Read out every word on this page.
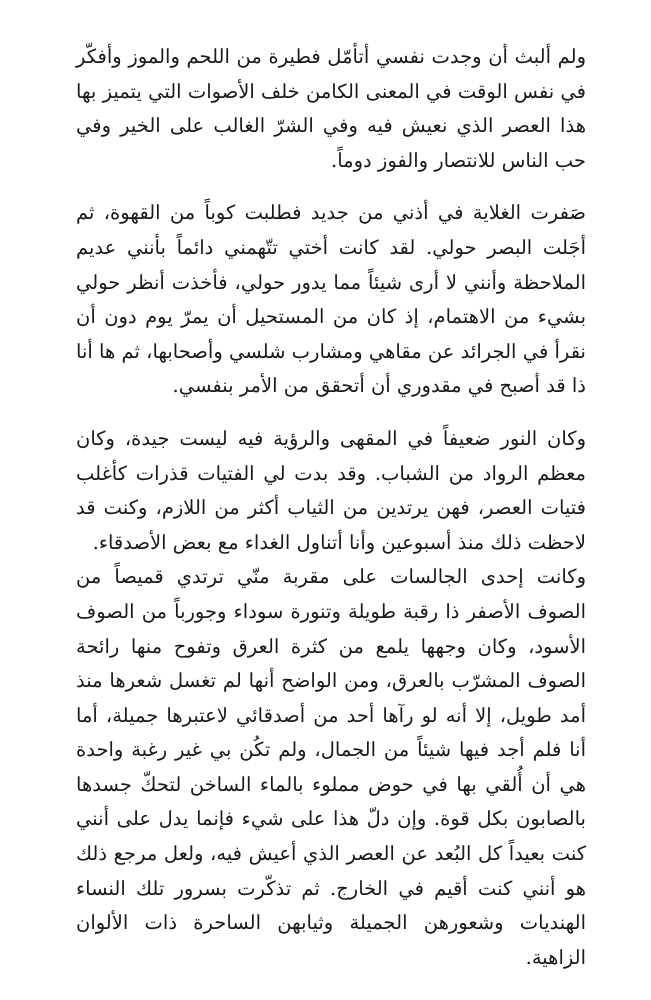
ولم ألبث أن وجدت نفسي أتأمّل فطيرة من اللحم والموز وأفكّر في نفس الوقت في المعنى الكامن خلف الأصوات التي يتميز بها هذا العصر الذي نعيش فيه وفي الشرّ الغالب على الخير وفي حب الناس للانتصار والفوز دوماً.

صَفرت الغلاية في أذني من جديد فطلبت كوباً من القهوة، ثم أجَلت البصر حولي. لقد كانت أختي تتّهمني دائماً بأنني عديم الملاحظة وأنني لا أرى شيئاً مما يدور حولي، فأخذت أنظر حولي بشيء من الاهتمام، إذ كان من المستحيل أن يمرّ يوم دون أن نقرأ في الجرائد عن مقاهي ومشارب شلسي وأصحابها، ثم ها أنا ذا قد أصبح في مقدوري أن أتحقق من الأمر بنفسي.

وكان النور ضعيفاً في المقهى والرؤية فيه ليست جيدة، وكان معظم الرواد من الشباب. وقد بدت لي الفتيات قذرات كأغلب فتيات العصر، فهن يرتدين من الثياب أكثر من اللازم، وكنت قد لاحظت ذلك منذ أسبوعين وأنا أتناول الغداء مع بعض الأصدقاء.

وكانت إحدى الجالسات على مقربة منّي ترتدي قميصاً من الصوف الأصفر ذا رقبة طويلة وتنورة سوداء وجورباً من الصوف الأسود، وكان وجهها يلمع من كثرة العرق وتفوح منها رائحة الصوف المشرّب بالعرق، ومن الواضح أنها لم تغسل شعرها منذ أمد طويل، إلا أنه لو رآها أحد من أصدقائي لاعتبرها جميلة، أما أنا فلم أجد فيها شيئاً من الجمال، ولم تكُن بي غير رغبة واحدة هي أن أُلقي بها في حوض مملوء بالماء الساخن لتحكّ جسدها بالصابون بكل قوة. وإن دلّ هذا على شيء فإنما يدل على أنني كنت بعيداً كل البُعد عن العصر الذي أعيش فيه، ولعل مرجع ذلك هو أنني كنت أقيم في الخارج. ثم تذكّرت بسرور تلك النساء الهنديات وشعورهن الجميلة وثيابهن الساحرة ذات الألوان الزاهية.
